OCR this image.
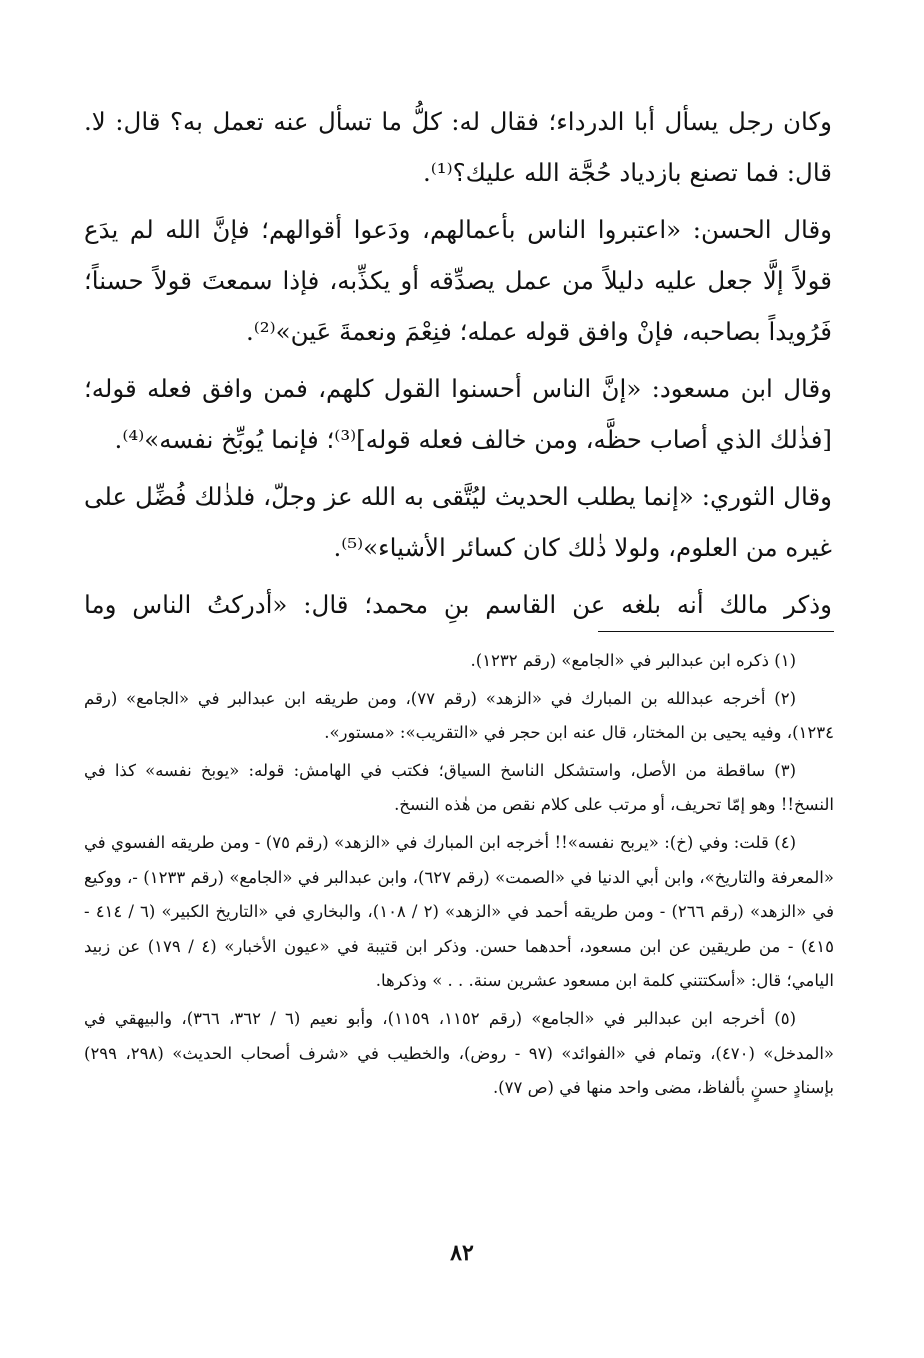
وكان رجل يسأل أبا الدرداء؛ فقال له: كلُّ ما تسأل عنه تعمل به؟ قال: لا. قال: فما تصنع بازدياد حُجَّة الله عليك؟⁽¹⁾.

وقال الحسن: «اعتبروا الناس بأعمالهم، ودَعوا أقوالهم؛ فإنَّ الله لم يدَع قولاً إلَّا جعل عليه دليلاً من عمل يصدِّقه أو يكذِّبه، فإذا سمعتَ قولاً حسناً؛ فَرُويداً بصاحبه، فإنْ وافق قوله عمله؛ فنِعْمَ ونعمةَ عَين»⁽²⁾.

وقال ابن مسعود: «إنَّ الناس أحسنوا القول كلهم، فمن وافق فعله قوله؛ [فذٰلك الذي أصاب حظَّه، ومن خالف فعله قوله]⁽³⁾؛ فإنما يُوبِّخ نفسه»⁽⁴⁾.

وقال الثوري: «إنما يطلب الحديث ليُتَّقى به الله عز وجلّ، فلذٰلك فُضِّل على غيره من العلوم، ولولا ذٰلك كان كسائر الأشياء»⁽⁵⁾.

وذكر مالك أنه بلغه عن القاسم بنِ محمد؛ قال: «أدركتُ الناس وما

(١) ذكره ابن عبدالبر في «الجامع» (رقم ١٢٣٢).

(٢) أخرجه عبدالله بن المبارك في «الزهد» (رقم ٧٧)، ومن طريقه ابن عبدالبر في «الجامع» (رقم ١٢٣٤)، وفيه يحيى بن المختار، قال عنه ابن حجر في «التقريب»: «مستور».

(٣) ساقطة من الأصل، واستشكل الناسخ السياق؛ فكتب في الهامش: قوله: «يوبخ نفسه» كذا في النسخ!! وهو إمّا تحريف، أو مرتب على كلام نقص من هٰذه النسخ.

(٤) قلت: وفي (خ): «يربح نفسه»!! أخرجه ابن المبارك في «الزهد» (رقم ٧٥) - ومن طريقه الفسوي في «المعرفة والتاريخ»، وابن أبي الدنيا في «الصمت» (رقم ٦٢٧)، وابن عبدالبر في «الجامع» (رقم ١٢٣٣) -، ووكيع في «الزهد» (رقم ٢٦٦) - ومن طريقه أحمد في «الزهد» (٢ / ١٠٨)، والبخاري في «التاريخ الكبير» (٦ / ٤١٤ - ٤١٥) - من طريقين عن ابن مسعود، أحدهما حسن. وذكر ابن قتيبة في «عيون الأخبار» (٤ / ١٧٩) عن زبيد اليامي؛ قال: «أسكتتني كلمة ابن مسعود عشرين سنة. . . » وذكرها.

(٥) أخرجه ابن عبدالبر في «الجامع» (رقم ١١٥٢، ١١٥٩)، وأبو نعيم (٦ / ٣٦٢، ٣٦٦)، والبيهقي في «المدخل» (٤٧٠)، وتمام في «الفوائد» (٩٧ - روض)، والخطيب في «شرف أصحاب الحديث» (٢٩٨، ٢٩٩) بإسنادٍ حسنٍ بألفاظ، مضى واحد منها في (ص ٧٧).

٨٢
